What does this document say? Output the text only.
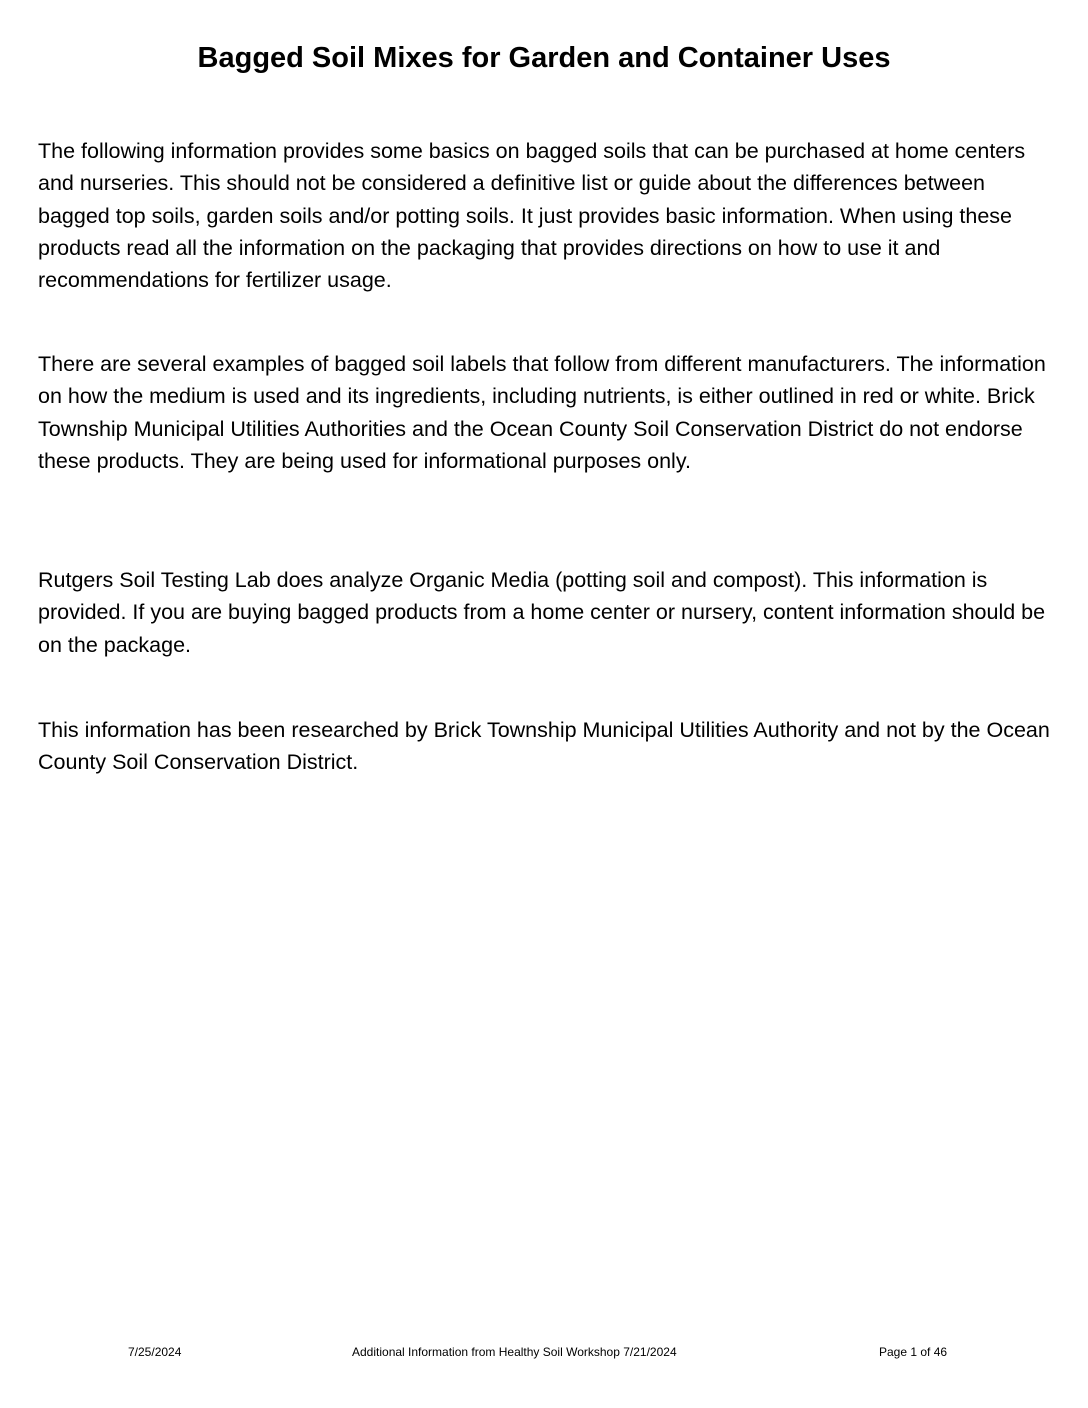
Bagged Soil Mixes for Garden and Container Uses

The following information provides some basics on bagged soils that can be purchased at home centers and nurseries. This should not be considered a definitive list or guide about the differences between bagged top soils, garden soils and/or potting soils. It just provides basic information. When using these products read all the information on the packaging that provides directions on how to use it and recommendations for fertilizer usage.

There are several examples of bagged soil labels that follow from different manufacturers. The information on how the medium is used and its ingredients, including nutrients, is either outlined in red or white. Brick Township Municipal Utilities Authorities and the Ocean County Soil Conservation District do not endorse these products. They are being used for informational purposes only.

Rutgers Soil Testing Lab does analyze Organic Media (potting soil and compost). This information is provided. If you are buying bagged products from a home center or nursery, content information should be on the package.

This information has been researched by Brick Township Municipal Utilities Authority and not by the Ocean County Soil Conservation District.

7/25/2024	Additional Information from Healthy Soil Workshop 7/21/2024	Page 1 of 46
